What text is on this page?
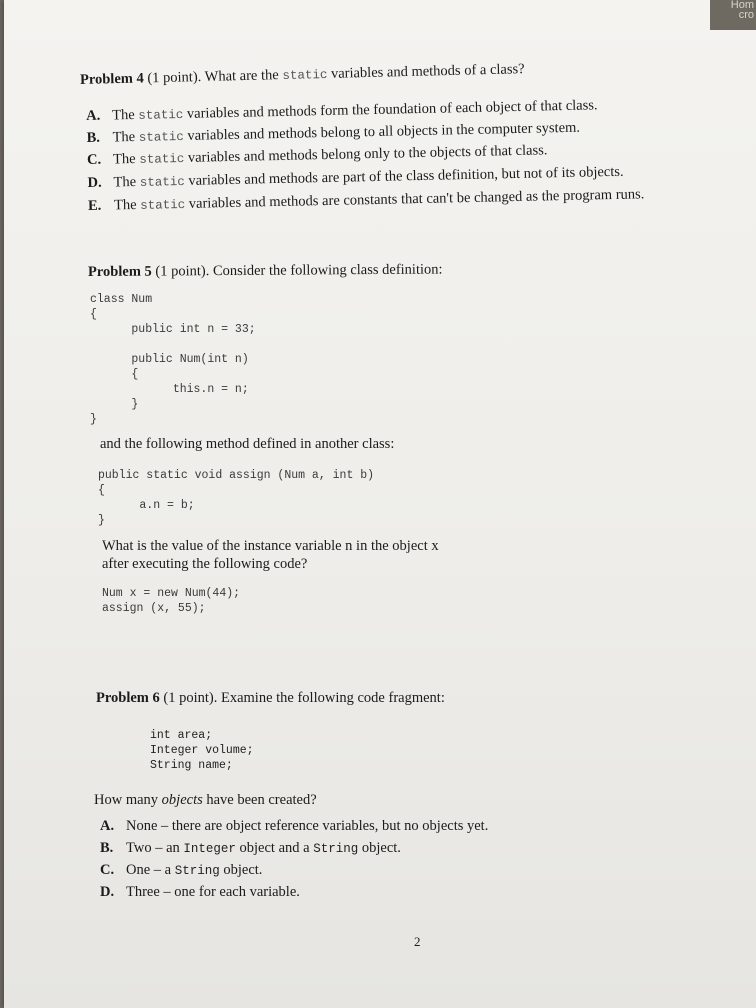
Hom
cro
Problem 4 (1 point). What are the static variables and methods of a class?
A. The static variables and methods form the foundation of each object of that class.
B. The static variables and methods belong to all objects in the computer system.
C. The static variables and methods belong only to the objects of that class.
D. The static variables and methods are part of the class definition, but not of its objects.
E. The static variables and methods are constants that can't be changed as the program runs.
Problem 5 (1 point). Consider the following class definition:
class Num
{
public int n = 33;

public Num(int n)
{
this.n = n;
}
}
and the following method defined in another class:
public static void assign (Num a, int b)
{
a.n = b;
}
What is the value of the instance variable n in the object x
after executing the following code?
Num x = new Num(44);
assign (x, 55);
Problem 6 (1 point). Examine the following code fragment:
int area;
Integer volume;
String name;
How many objects have been created?
A. None – there are object reference variables, but no objects yet.
B. Two – an Integer object and a String object.
C. One – a String object.
D. Three – one for each variable.
2
